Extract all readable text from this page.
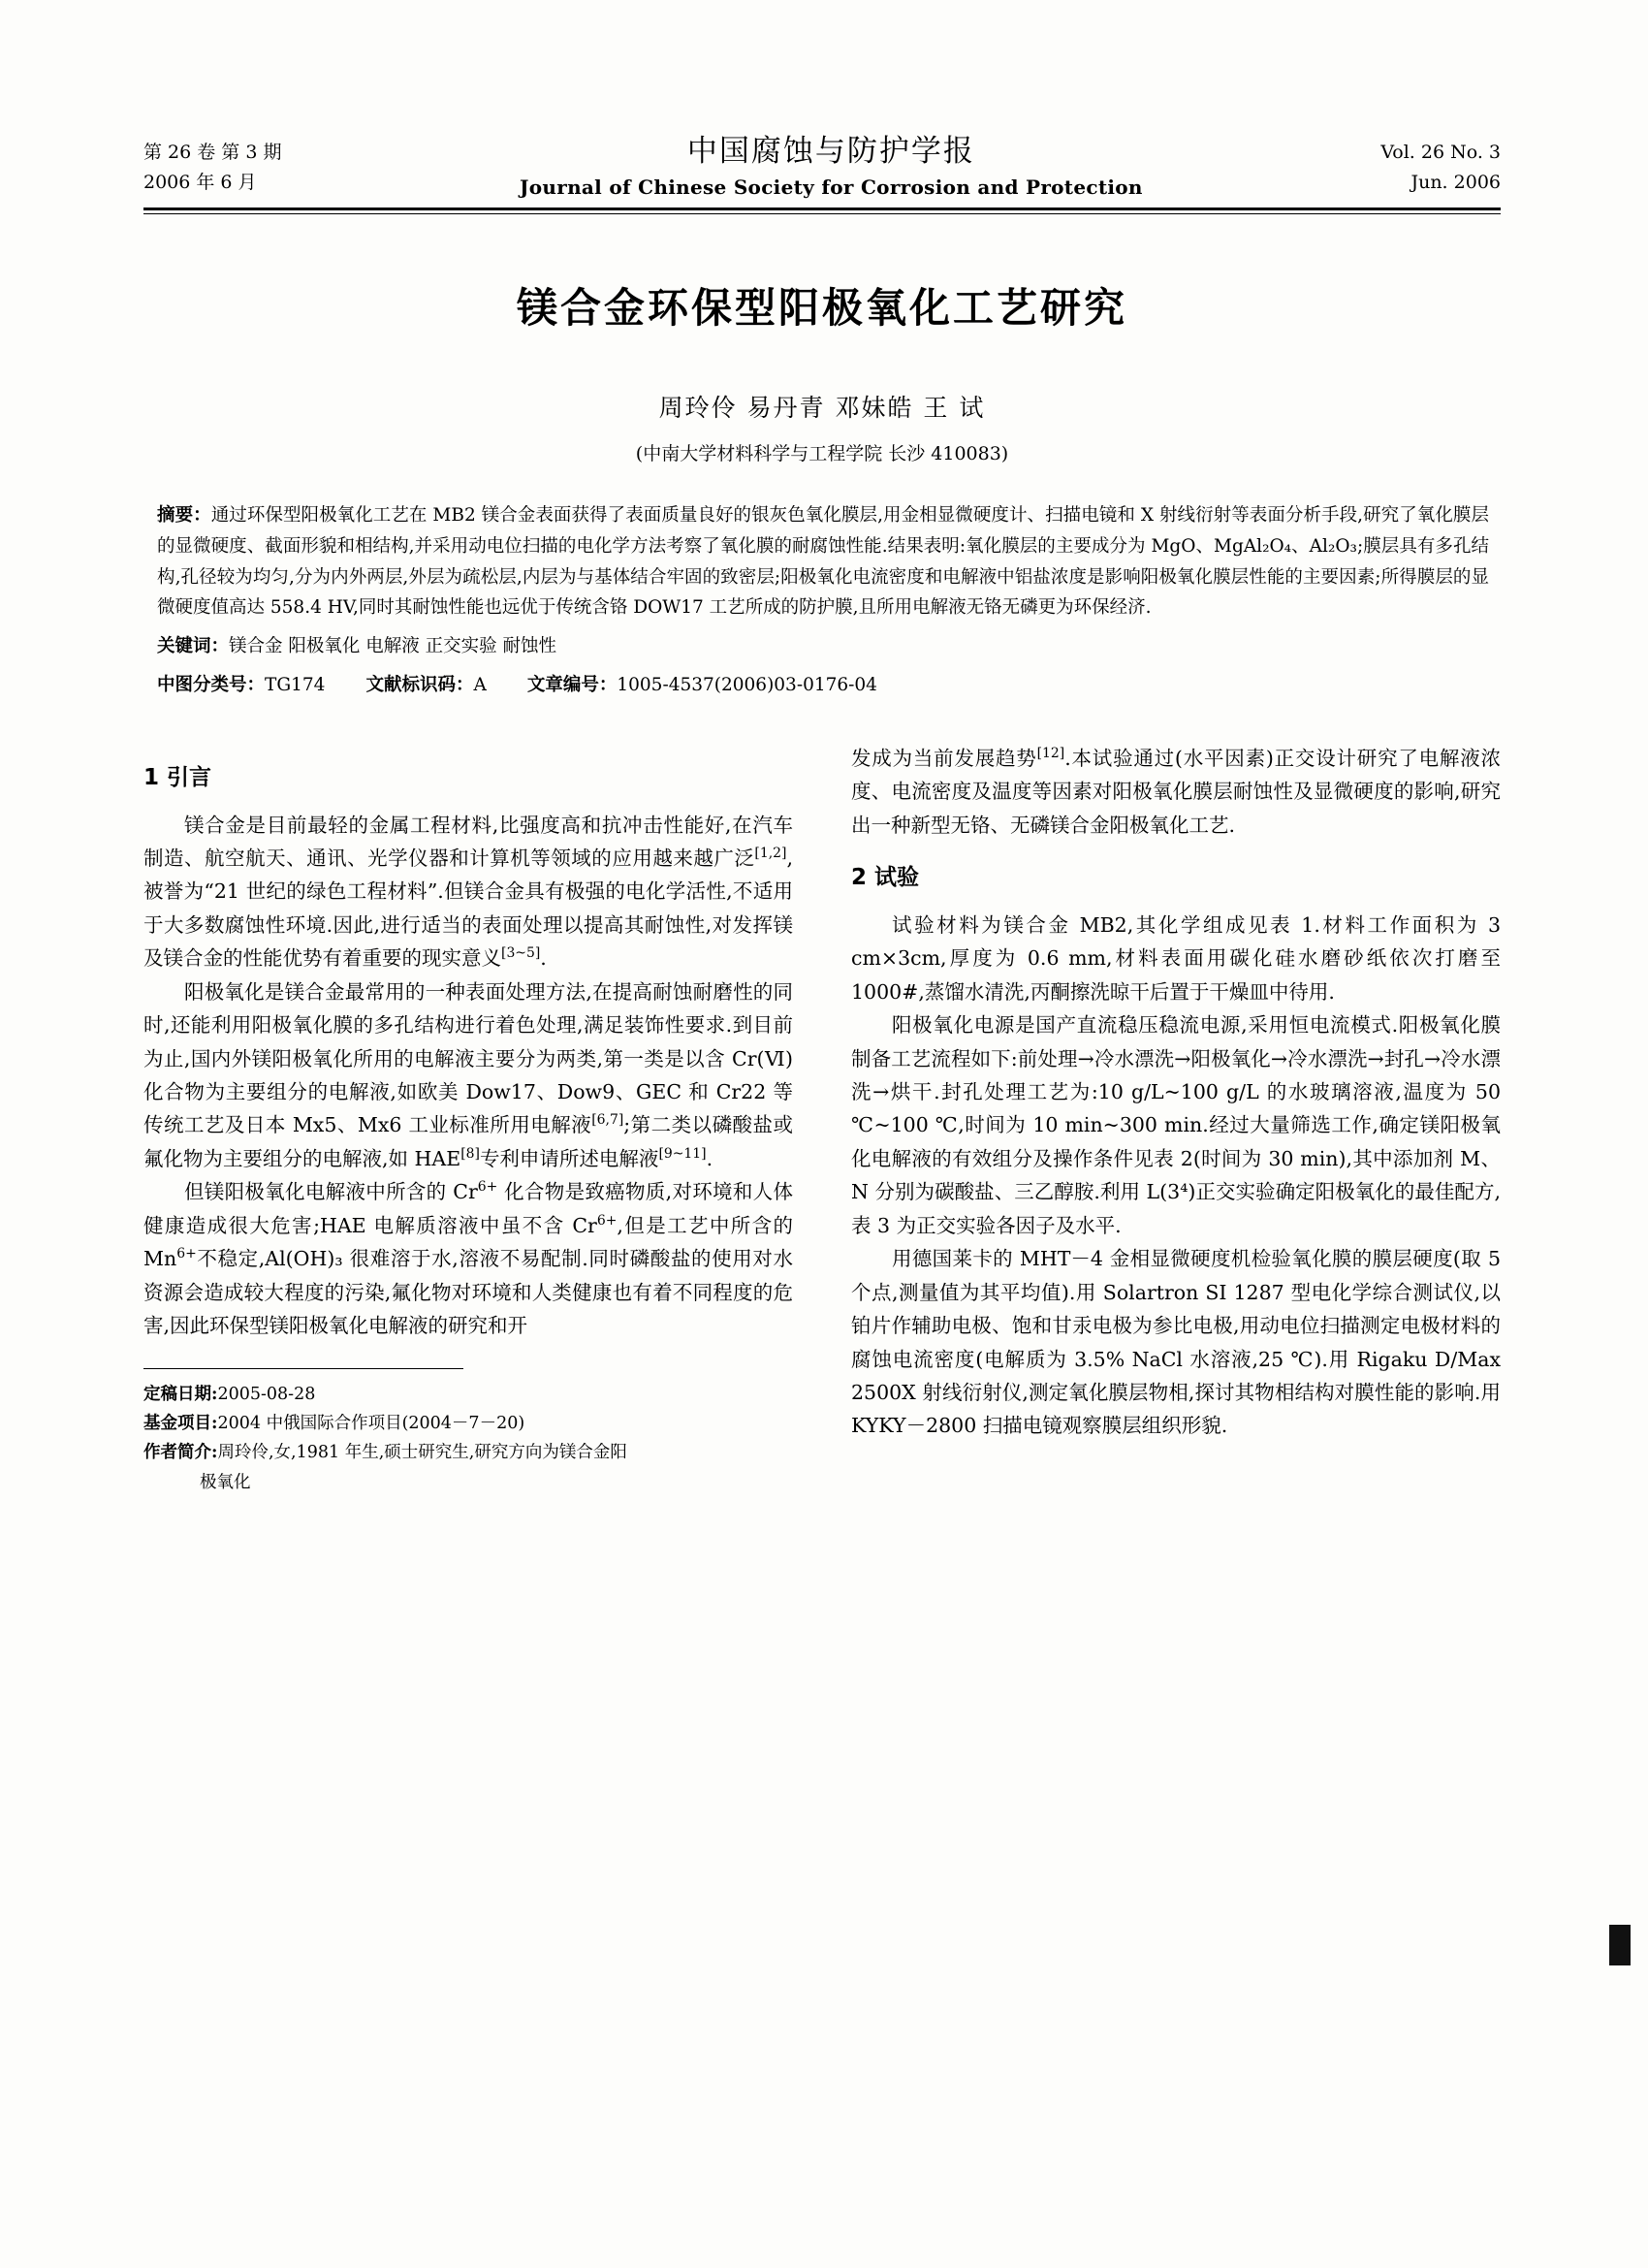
第 26 卷 第 3 期
2006 年 6 月
中国腐蚀与防护学报
Journal of Chinese Society for Corrosion and Protection
Vol. 26 No. 3
Jun. 2006
镁合金环保型阳极氧化工艺研究
周玲伶 易丹青 邓妹皓 王 试
(中南大学材料科学与工程学院 长沙 410083)

摘要：通过环保型阳极氧化工艺在 MB2 镁合金表面获得了表面质量良好的银灰色氧化膜层,用金相显微硬度计、扫描电镜和 X 射线衍射等表面分析手段,研究了氧化膜层的显微硬度、截面形貌和相结构,并采用动电位扫描的电化学方法考察了氧化膜的耐腐蚀性能.结果表明:氧化膜层的主要成分为 MgO、MgAl₂O₄、Al₂O₃;膜层具有多孔结构,孔径较为均匀,分为内外两层,外层为疏松层,内层为与基体结合牢固的致密层;阳极氧化电流密度和电解液中铝盐浓度是影响阳极氧化膜层性能的主要因素;所得膜层的显微硬度值高达 558.4 HV,同时其耐蚀性能也远优于传统含铬 DOW17 工艺所成的防护膜,且所用电解液无铬无磷更为环保经济.

关键词：镁合金 阳极氧化 电解液 正交实验 耐蚀性
中图分类号：TG174 文献标识码：A 文章编号：1005-4537(2006)03-0176-04
1 引言

镁合金是目前最轻的金属工程材料,比强度高和抗冲击性能好,在汽车制造、航空航天、通讯、光学仪器和计算机等领域的应用越来越广泛[1,2],被誉为“21 世纪的绿色工程材料”.但镁合金具有极强的电化学活性,不适用于大多数腐蚀性环境.因此,进行适当的表面处理以提高其耐蚀性,对发挥镁及镁合金的性能优势有着重要的现实意义[3~5].

阳极氧化是镁合金最常用的一种表面处理方法,在提高耐蚀耐磨性的同时,还能利用阳极氧化膜的多孔结构进行着色处理,满足装饰性要求.到目前为止,国内外镁阳极氧化所用的电解液主要分为两类,第一类是以含 Cr(Ⅵ)化合物为主要组分的电解液,如欧美 Dow17、Dow9、GEC 和 Cr22 等传统工艺及日本 Mx5、Mx6 工业标准所用电解液[6,7];第二类以磷酸盐或氟化物为主要组分的电解液,如 HAE[8]专利申请所述电解液[9~11].

但镁阳极氧化电解液中所含的 $Cr^{6+}$ 化合物是致癌物质,对环境和人体健康造成很大危害;HAE 电解质溶液中虽不含 $Cr^{6+}$,但是工艺中所含的 $Mn^{6+}$不稳定,Al(OH)₃ 很难溶于水,溶液不易配制.同时磷酸盐的使用对水资源会造成较大程度的污染,氟化物对环境和人类健康也有着不同程度的危害,因此环保型镁阳极氧化电解液的研究和开

定稿日期:2005-08-28
基金项目:2004 中俄国际合作项目(2004－7－20)
作者简介:周玲伶,女,1981 年生,硕士研究生,研究方向为镁合金阳
极氧化

发成为当前发展趋势[12].本试验通过(水平因素)正交设计研究了电解液浓度、电流密度及温度等因素对阳极氧化膜层耐蚀性及显微硬度的影响,研究出一种新型无铬、无磷镁合金阳极氧化工艺.

2 试验

试验材料为镁合金 MB2,其化学组成见表 1.材料工作面积为 3 cm×3cm,厚度为 0.6 mm,材料表面用碳化硅水磨砂纸依次打磨至 1000#,蒸馏水清洗,丙酮擦洗晾干后置于干燥皿中待用.

阳极氧化电源是国产直流稳压稳流电源,采用恒电流模式.阳极氧化膜制备工艺流程如下:前处理→冷水漂洗→阳极氧化→冷水漂洗→封孔→冷水漂洗→烘干.封孔处理工艺为:10 g/L~100 g/L 的水玻璃溶液,温度为 50 ℃~100 ℃,时间为 10 min~300 min.经过大量筛选工作,确定镁阳极氧化电解液的有效组分及操作条件见表 2(时间为 30 min),其中添加剂 M、N 分别为碳酸盐、三乙醇胺.利用 L(3⁴)正交实验确定阳极氧化的最佳配方,表 3 为正交实验各因子及水平.

用德国莱卡的 MHT－4 金相显微硬度机检验氧化膜的膜层硬度(取 5 个点,测量值为其平均值).用 Solartron SI 1287 型电化学综合测试仪,以铂片作辅助电极、饱和甘汞电极为参比电极,用动电位扫描测定电极材料的腐蚀电流密度(电解质为 3.5% NaCl 水溶液,25 ℃).用 Rigaku D/Max 2500X 射线衍射仪,测定氧化膜层物相,探讨其物相结构对膜性能的影响.用 KYKY－2800 扫描电镜观察膜层组织形貌.
